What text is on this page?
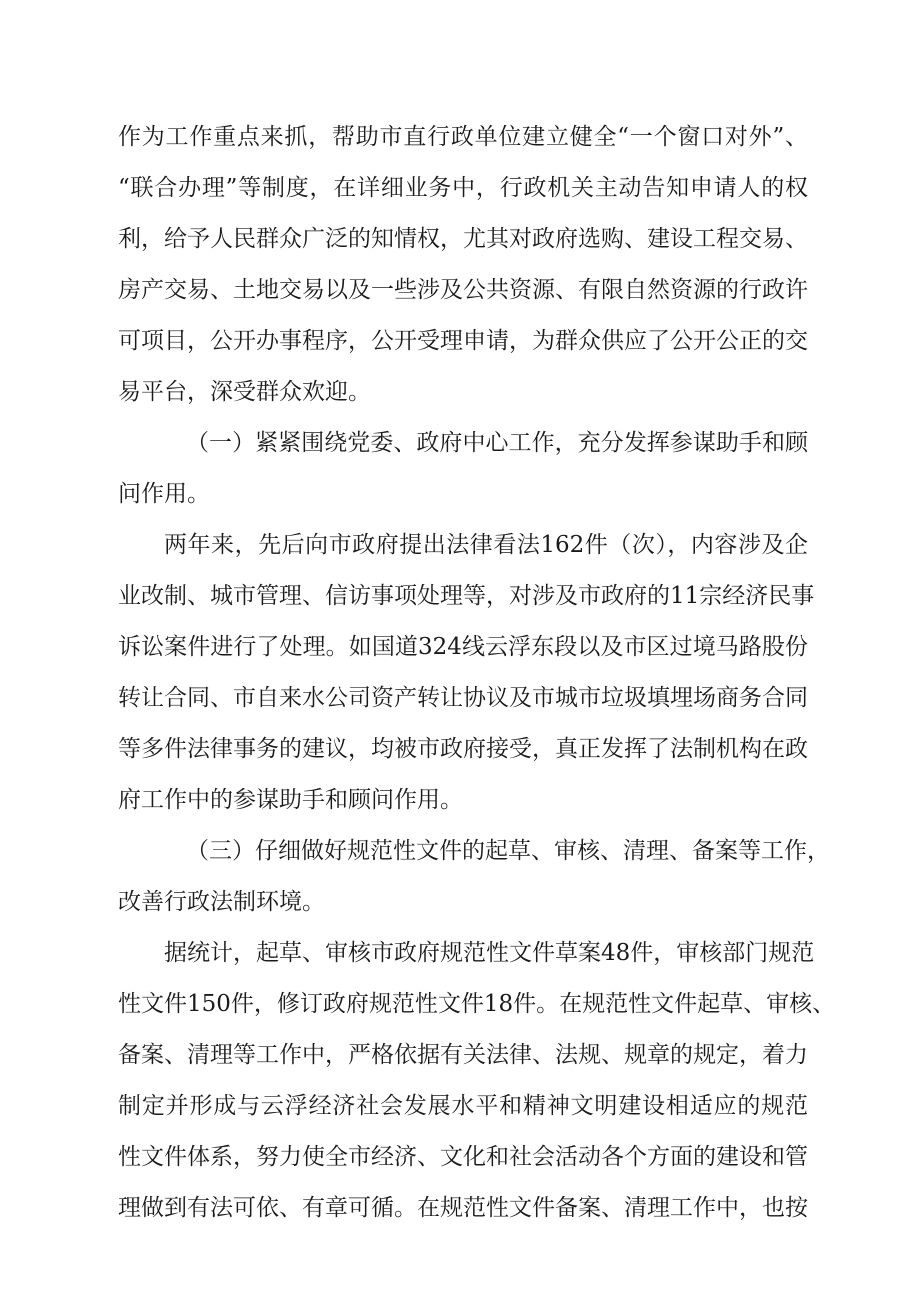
作为工作重点来抓，帮助市直行政单位建立健全“一个窗口对外”、
“联合办理”等制度，在详细业务中，行政机关主动告知申请人的权
利，给予人民群众广泛的知情权，尤其对政府选购、建设工程交易、
房产交易、土地交易以及一些涉及公共资源、有限自然资源的行政许
可项目，公开办事程序，公开受理申请，为群众供应了公开公正的交
易平台，深受群众欢迎。
（一）紧紧围绕党委、政府中心工作，充分发挥参谋助手和顾
问作用。
两年来，先后向市政府提出法律看法162件（次），内容涉及企
业改制、城市管理、信访事项处理等，对涉及市政府的11宗经济民事
诉讼案件进行了处理。如国道324线云浮东段以及市区过境马路股份
转让合同、市自来水公司资产转让协议及市城市垃圾填埋场商务合同
等多件法律事务的建议，均被市政府接受，真正发挥了法制机构在政
府工作中的参谋助手和顾问作用。
（三）仔细做好规范性文件的起草、审核、清理、备案等工作，
改善行政法制环境。
据统计，起草、审核市政府规范性文件草案48件，审核部门规范
性文件150件，修订政府规范性文件18件。在规范性文件起草、审核、
备案、清理等工作中，严格依据有关法律、法规、规章的规定，着力
制定并形成与云浮经济社会发展水平和精神文明建设相适应的规范
性文件体系，努力使全市经济、文化和社会活动各个方面的建设和管
理做到有法可依、有章可循。在规范性文件备案、清理工作中，也按
